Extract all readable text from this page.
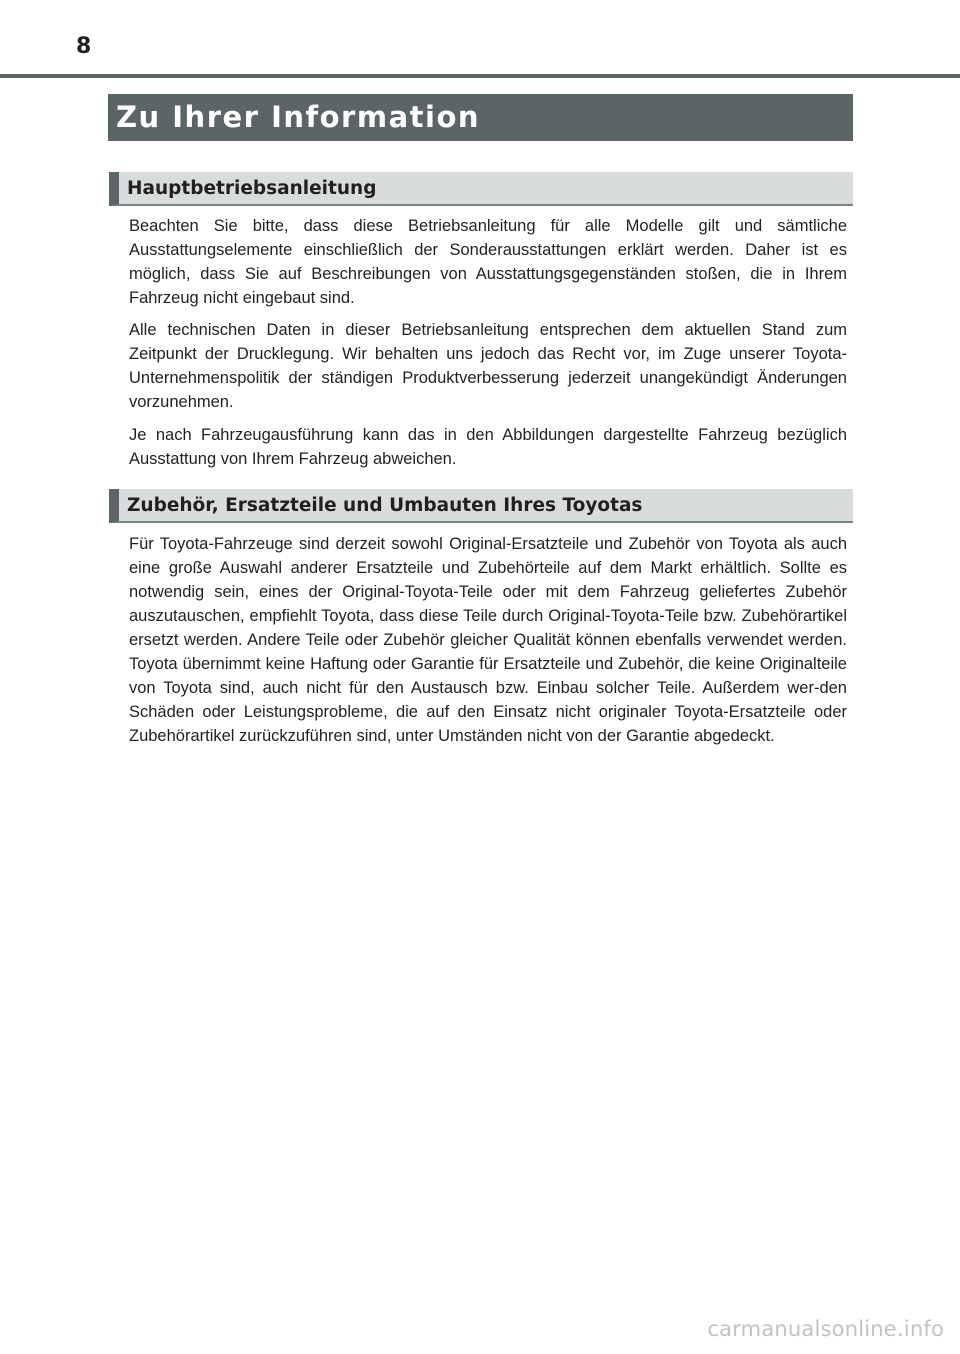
8
Zu Ihrer Information
Hauptbetriebsanleitung

Beachten Sie bitte, dass diese Betriebsanleitung für alle Modelle gilt und sämtliche Ausstattungselemente einschließlich der Sonderausstattungen erklärt werden. Daher ist es möglich, dass Sie auf Beschreibungen von Ausstattungsgegenständen stoßen, die in Ihrem Fahrzeug nicht eingebaut sind.

Alle technischen Daten in dieser Betriebsanleitung entsprechen dem aktuellen Stand zum Zeitpunkt der Drucklegung. Wir behalten uns jedoch das Recht vor, im Zuge unserer Toyota-Unternehmenspolitik der ständigen Produktverbesserung jederzeit unangekündigt Änderungen vorzunehmen.

Je nach Fahrzeugausführung kann das in den Abbildungen dargestellte Fahrzeug bezüglich Ausstattung von Ihrem Fahrzeug abweichen.

Zubehör, Ersatzteile und Umbauten Ihres Toyotas

Für Toyota-Fahrzeuge sind derzeit sowohl Original-Ersatzteile und Zubehör von Toyota als auch eine große Auswahl anderer Ersatzteile und Zubehörteile auf dem Markt erhältlich. Sollte es notwendig sein, eines der Original-Toyota-Teile oder mit dem Fahrzeug geliefertes Zubehör auszutauschen, empfiehlt Toyota, dass diese Teile durch Original-Toyota-Teile bzw. Zubehörartikel ersetzt werden. Andere Teile oder Zubehör gleicher Qualität können ebenfalls verwendet werden. Toyota übernimmt keine Haftung oder Garantie für Ersatzteile und Zubehör, die keine Originalteile von Toyota sind, auch nicht für den Austausch bzw. Einbau solcher Teile. Außerdem wer-den Schäden oder Leistungsprobleme, die auf den Einsatz nicht originaler Toyota-Ersatzteile oder Zubehörartikel zurückzuführen sind, unter Umständen nicht von der Garantie abgedeckt.

carmanualsonline.info
